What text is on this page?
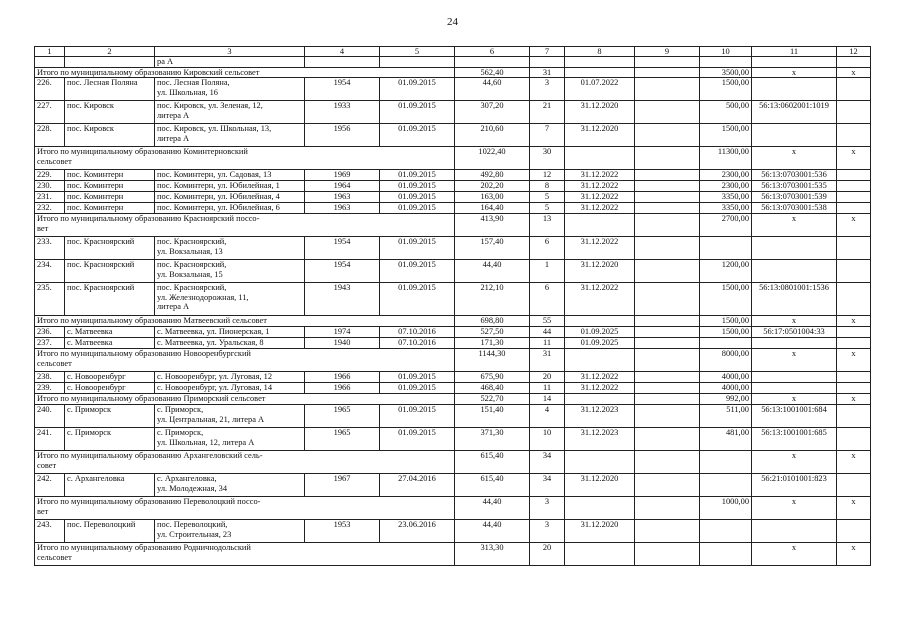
24
1	2	3	4	5	6	7	8	9	10	11	12
		ра А									
Итого по муниципальному образованию Кировский сельсовет					562,40	31			3500,00	х	х
226.	пос. Лесная Поляна	пос. Лесная Поляна,
ул. Школьная, 16	1954	01.09.2015	44,60	3	01.07.2022		1500,00		
227.	пос. Кировск	пос. Кировск, ул. Зеленая, 12,
литера А	1933	01.09.2015	307,20	21	31.12.2020		500,00	56:13:0602001:1019	
228.	пос. Кировск	пос. Кировск, ул. Школьная, 13,
литера А	1956	01.09.2015	210,60	7	31.12.2020		1500,00		
Итого по муниципальному образованию Коминтерновский
сельсовет					1022,40	30			11300,00	х	х
229.	пос. Коминтерн	пос. Коминтерн, ул. Садовая, 13	1969	01.09.2015	492,80	12	31.12.2022		2300,00	56:13:0703001:536	
230.	пос. Коминтерн	пос. Коминтерн, ул. Юбилейная, 1	1964	01.09.2015	202,20	8	31.12.2022		2300,00	56:13:0703001:535	
231.	пос. Коминтерн	пос. Коминтерн, ул. Юбилейная, 4	1963	01.09.2015	163,00	5	31.12.2022		3350,00	56:13:0703001:539	
232.	пос. Коминтерн	пос. Коминтерн, ул. Юбилейная, 6	1963	01.09.2015	164,40	5	31.12.2022		3350,00	56:13:0703001:538	
Итого по муниципальному образованию Красноярский поссо-
вет					413,90	13			2700,00	х	х
233.	пос. Красноярский	пос. Красноярский,
ул. Вокзальная, 13	1954	01.09.2015	157,40	6	31.12.2022				
234.	пос. Красноярский	пос. Красноярский,
ул. Вокзальная, 15	1954	01.09.2015	44,40	1	31.12.2020		1200,00		
235.	пос. Красноярский	пос. Красноярский,
ул. Железнодорожная, 11,
литера А	1943	01.09.2015	212,10	6	31.12.2022		1500,00	56:13:0801001:1536	
Итого по муниципальному образованию Матвеевский сельсовет					698,80	55			1500,00	х	х
236.	с. Матвеевка	с. Матвеевка, ул. Пионерская, 1	1974	07.10.2016	527,50	44	01.09.2025		1500,00	56:17:0501004:33	
237.	с. Матвеевка	с. Матвеевка, ул. Уральская, 8	1940	07.10.2016	171,30	11	01.09.2025				
Итого по муниципальному образованию Новооренбургский
сельсовет					1144,30	31			8000,00	х	х
238.	с. Новооренбург	с. Новооренбург, ул. Луговая, 12	1966	01.09.2015	675,90	20	31.12.2022		4000,00		
239.	с. Новооренбург	с. Новооренбург, ул. Луговая, 14	1966	01.09.2015	468,40	11	31.12.2022		4000,00		
Итого по муниципальному образованию Приморский сельсовет					522,70	14			992,00	х	х
240.	с. Приморск	с. Приморск,
ул. Центральная, 21, литера А	1965	01.09.2015	151,40	4	31.12.2023		511,00	56:13:1001001:684	
241.	с. Приморск	с. Приморск,
ул. Школьная, 12, литера А	1965	01.09.2015	371,30	10	31.12.2023		481,00	56:13:1001001:685	
Итого по муниципальному образованию Архангеловский сель-
совет					615,40	34				х	х
242.	с. Архангеловка	с. Архангеловка,
ул. Молодежная, 34	1967	27.04.2016	615,40	34	31.12.2020			56:21:0101001:823	
Итого по муниципальному образованию Переволоцкий поссо-
вет					44,40	3			1000,00	х	х
243.	пос. Переволоцкий	пос. Переволоцкий,
ул. Строительная, 23	1953	23.06.2016	44,40	3	31.12.2020				
Итого по муниципальному образованию Родничнодольский
сельсовет					313,30	20				х	х
